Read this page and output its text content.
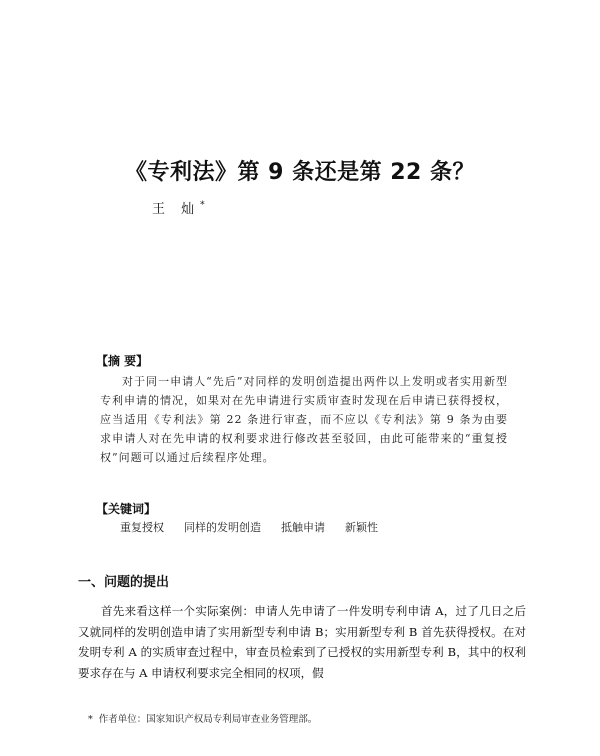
《专利法》第 9 条还是第 22 条？
王 灿*
【摘 要】
对于同一申请人“先后”对同样的发明创造提出两件以上发明或者实用新型专利申请的情况，如果对在先申请进行实质审查时发现在后申请已获得授权，应当适用《专利法》第 22 条进行审查，而不应以《专利法》第 9 条为由要求申请人对在先申请的权利要求进行修改甚至驳回，由此可能带来的“重复授权”问题可以通过后续程序处理。
【关键词】
重复授权 同样的发明创造 抵触申请 新颖性
一、问题的提出
首先来看这样一个实际案例：申请人先申请了一件发明专利申请 A，过了几日之后又就同样的发明创造申请了实用新型专利申请 B；实用新型专利 B 首先获得授权。在对发明专利 A 的实质审查过程中，审查员检索到了已授权的实用新型专利 B，其中的权利要求存在与 A 申请权利要求完全相同的权项，假
* 作者单位：国家知识产权局专利局审查业务管理部。
